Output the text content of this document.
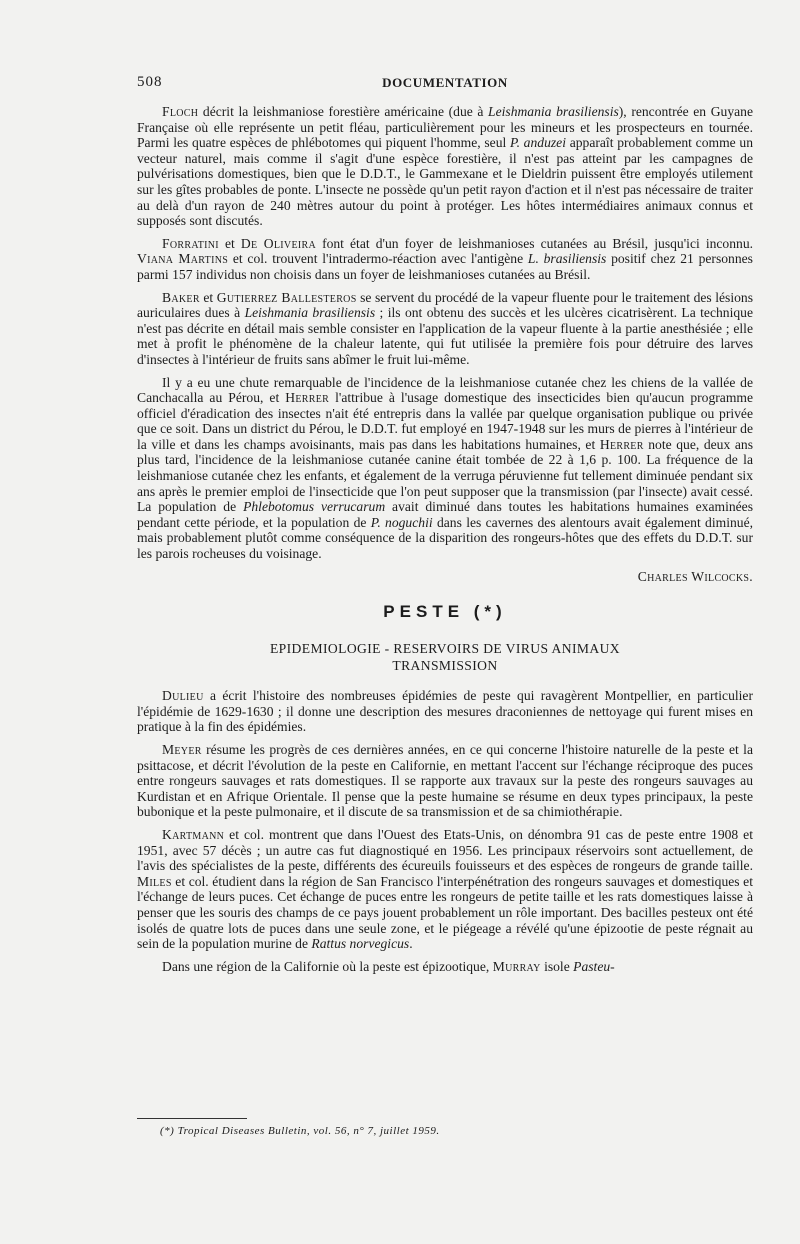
508	DOCUMENTATION

Floch décrit la leishmaniose forestière américaine (due à Leishmania brasiliensis), rencontrée en Guyane Française où elle représente un petit fléau, particulièrement pour les mineurs et les prospecteurs en tournée. Parmi les quatre espèces de phlébotomes qui piquent l'homme, seul P. anduzei apparaît probablement comme un vecteur naturel, mais comme il s'agit d'une espèce forestière, il n'est pas atteint par les campagnes de pulvérisations domestiques, bien que le D.D.T., le Gammexane et le Dieldrin puissent être employés utilement sur les gîtes probables de ponte. L'insecte ne possède qu'un petit rayon d'action et il n'est pas nécessaire de traiter au delà d'un rayon de 240 mètres autour du point à protéger. Les hôtes intermédiaires animaux connus et supposés sont discutés.

Forratini et De Oliveira font état d'un foyer de leishmanioses cutanées au Brésil, jusqu'ici inconnu. Viana Martins et col. trouvent l'intradermo-réaction avec l'antigène L. brasiliensis positif chez 21 personnes parmi 157 individus non choisis dans un foyer de leishmanioses cutanées au Brésil.

Baker et Gutierrez Ballesteros se servent du procédé de la vapeur fluente pour le traitement des lésions auriculaires dues à Leishmania brasiliensis ; ils ont obtenu des succès et les ulcères cicatrisèrent. La technique n'est pas décrite en détail mais semble consister en l'application de la vapeur fluente à la partie anesthésiée ; elle met à profit le phénomène de la chaleur latente, qui fut utilisée la première fois pour détruire des larves d'insectes à l'intérieur de fruits sans abîmer le fruit lui-même.

Il y a eu une chute remarquable de l'incidence de la leishmaniose cutanée chez les chiens de la vallée de Canchacalla au Pérou, et Herrer l'attribue à l'usage domestique des insecticides bien qu'aucun programme officiel d'éradication des insectes n'ait été entrepris dans la vallée par quelque organisation publique ou privée que ce soit. Dans un district du Pérou, le D.D.T. fut employé en 1947-1948 sur les murs de pierres à l'intérieur de la ville et dans les champs avoisinants, mais pas dans les habitations humaines, et Herrer note que, deux ans plus tard, l'incidence de la leishmaniose cutanée canine était tombée de 22 à 1,6 p. 100. La fréquence de la leishmaniose cutanée chez les enfants, et également de la verruga péruvienne fut tellement diminuée pendant six ans après le premier emploi de l'insecticide que l'on peut supposer que la transmission (par l'insecte) avait cessé. La population de Phlebotomus verrucarum avait diminué dans toutes les habitations humaines examinées pendant cette période, et la population de P. noguchii dans les cavernes des alentours avait également diminué, mais probablement plutôt comme conséquence de la disparition des rongeurs-hôtes que des effets du D.D.T. sur les parois rocheuses du voisinage.

Charles Wilcocks.

PESTE (*)
EPIDEMIOLOGIE - RESERVOIRS DE VIRUS ANIMAUX
TRANSMISSION

Dulieu a écrit l'histoire des nombreuses épidémies de peste qui ravagèrent Montpellier, en particulier l'épidémie de 1629-1630 ; il donne une description des mesures draconiennes de nettoyage qui furent mises en pratique à la fin des épidémies.

Meyer résume les progrès de ces dernières années, en ce qui concerne l'histoire naturelle de la peste et la psittacose, et décrit l'évolution de la peste en Californie, en mettant l'accent sur l'échange réciproque des puces entre rongeurs sauvages et rats domestiques. Il se rapporte aux travaux sur la peste des rongeurs sauvages au Kurdistan et en Afrique Orientale. Il pense que la peste humaine se résume en deux types principaux, la peste bubonique et la peste pulmonaire, et il discute de sa transmission et de sa chimiothérapie.

Kartmann et col. montrent que dans l'Ouest des Etats-Unis, on dénombra 91 cas de peste entre 1908 et 1951, avec 57 décès ; un autre cas fut diagnostiqué en 1956. Les principaux réservoirs sont actuellement, de l'avis des spécialistes de la peste, différents des écureuils fouisseurs et des espèces de rongeurs de grande taille. Miles et col. étudient dans la région de San Francisco l'interpénétration des rongeurs sauvages et domestiques et l'échange de leurs puces. Cet échange de puces entre les rongeurs de petite taille et les rats domestiques laisse à penser que les souris des champs de ce pays jouent probablement un rôle important. Des bacilles pesteux ont été isolés de quatre lots de puces dans une seule zone, et le piégeage a révélé qu'une épizootie de peste régnait au sein de la population murine de Rattus norvegicus.

Dans une région de la Californie où la peste est épizootique, Murray isole Pasteu-

(*) Tropical Diseases Bulletin, vol. 56, n° 7, juillet 1959.
